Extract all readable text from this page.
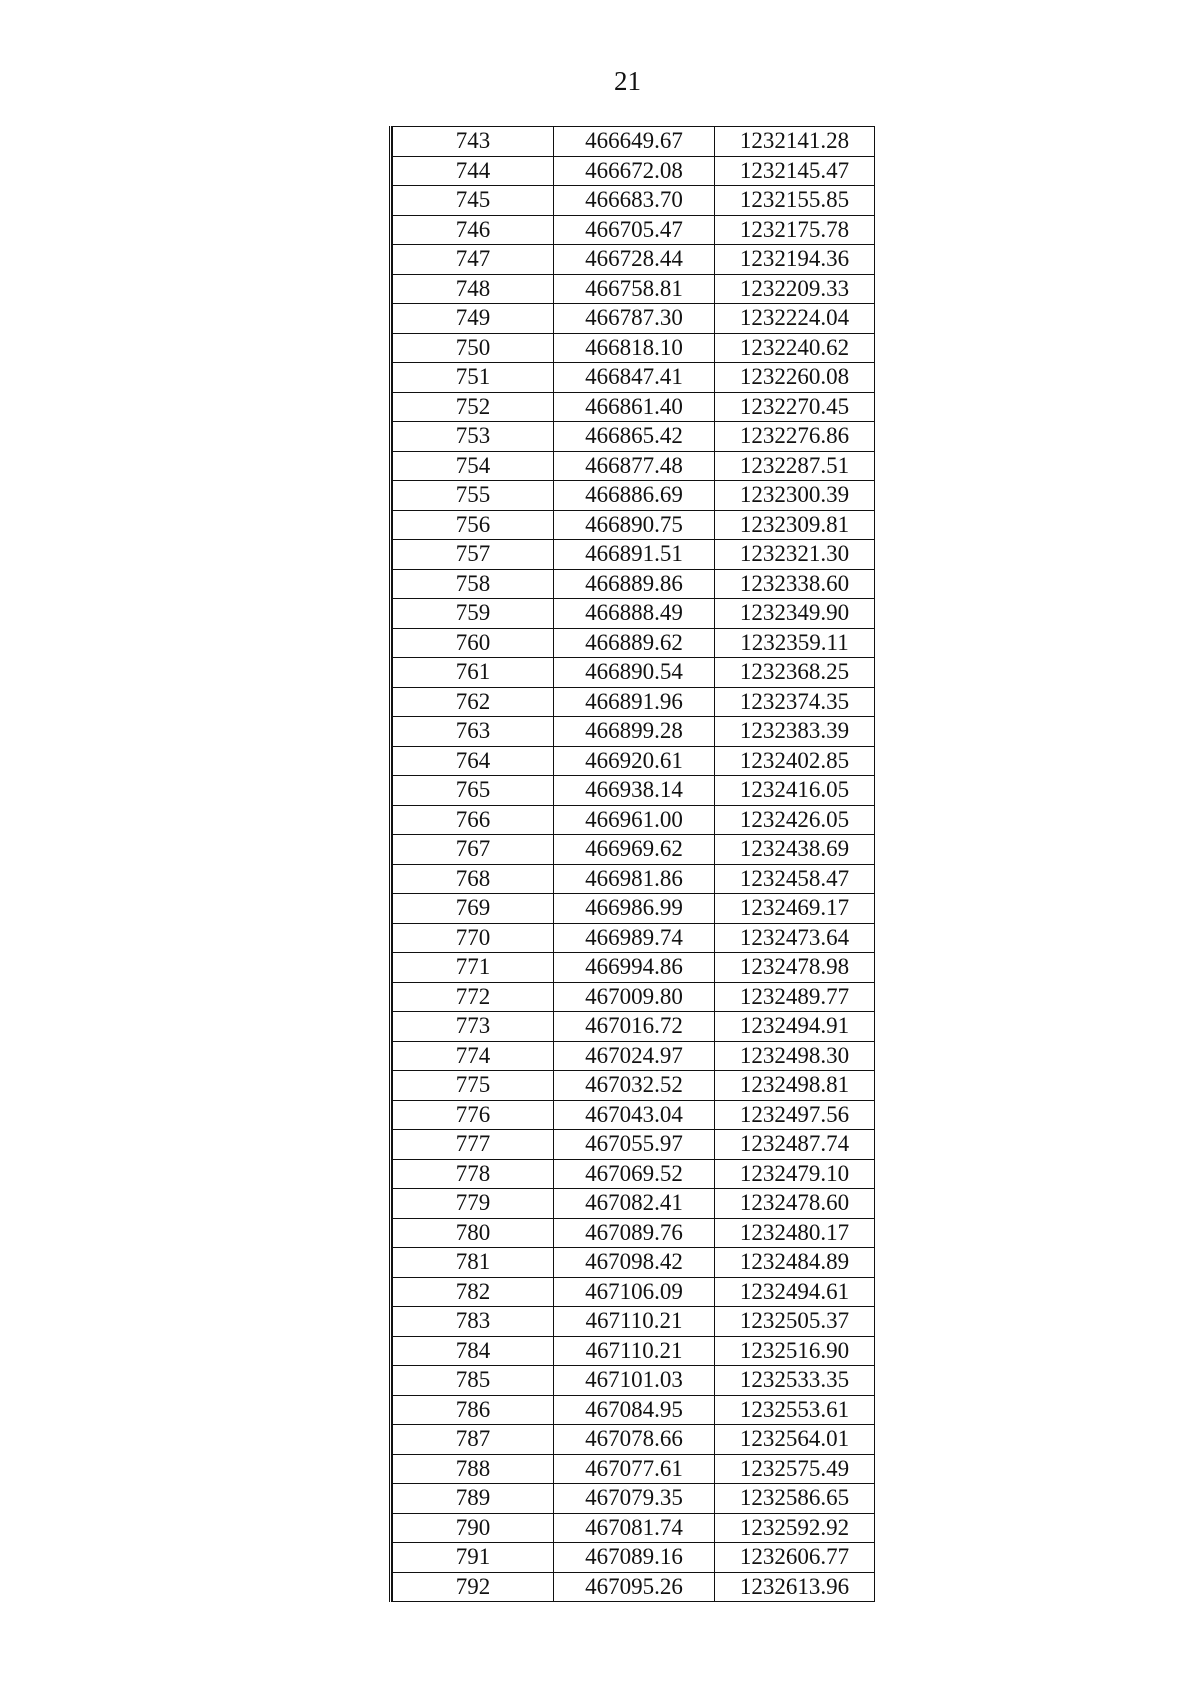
21
743	466649.67	1232141.28
744	466672.08	1232145.47
745	466683.70	1232155.85
746	466705.47	1232175.78
747	466728.44	1232194.36
748	466758.81	1232209.33
749	466787.30	1232224.04
750	466818.10	1232240.62
751	466847.41	1232260.08
752	466861.40	1232270.45
753	466865.42	1232276.86
754	466877.48	1232287.51
755	466886.69	1232300.39
756	466890.75	1232309.81
757	466891.51	1232321.30
758	466889.86	1232338.60
759	466888.49	1232349.90
760	466889.62	1232359.11
761	466890.54	1232368.25
762	466891.96	1232374.35
763	466899.28	1232383.39
764	466920.61	1232402.85
765	466938.14	1232416.05
766	466961.00	1232426.05
767	466969.62	1232438.69
768	466981.86	1232458.47
769	466986.99	1232469.17
770	466989.74	1232473.64
771	466994.86	1232478.98
772	467009.80	1232489.77
773	467016.72	1232494.91
774	467024.97	1232498.30
775	467032.52	1232498.81
776	467043.04	1232497.56
777	467055.97	1232487.74
778	467069.52	1232479.10
779	467082.41	1232478.60
780	467089.76	1232480.17
781	467098.42	1232484.89
782	467106.09	1232494.61
783	467110.21	1232505.37
784	467110.21	1232516.90
785	467101.03	1232533.35
786	467084.95	1232553.61
787	467078.66	1232564.01
788	467077.61	1232575.49
789	467079.35	1232586.65
790	467081.74	1232592.92
791	467089.16	1232606.77
792	467095.26	1232613.96
